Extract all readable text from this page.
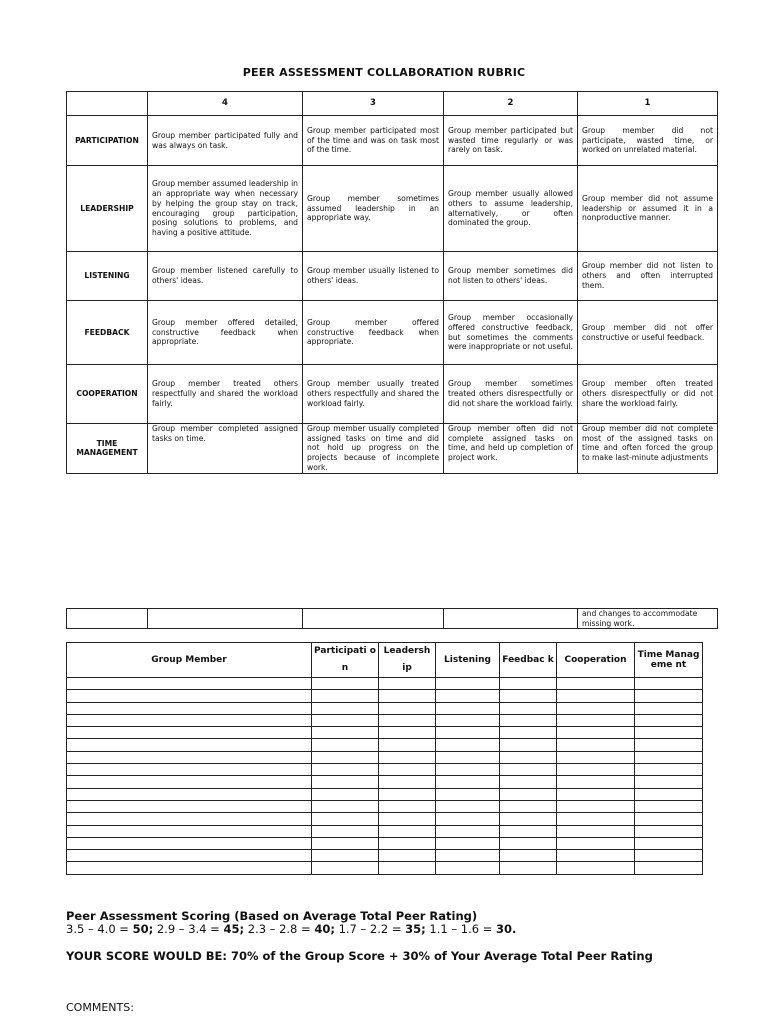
PEER ASSESSMENT COLLABORATION RUBRIC
	4	3	2	1
PARTICIPATION	Group member participated fully and was always on task.	Group member participated most of the time and was on task most of the time.	Group member participated but wasted time regularly or was rarely on task.	Group member did not participate, wasted time, or worked on unrelated material.
LEADERSHIP	Group member assumed leadership in an appropriate way when necessary by helping the group stay on track, encouraging group participation, posing solutions to problems, and having a positive attitude.	Group member sometimes assumed leadership in an appropriate way.	Group member usually allowed others to assume leadership, alternatively, or often dominated the group.	Group member did not assume leadership or assumed it in a nonproductive manner.
LISTENING	Group member listened carefully to others' ideas.	Group member usually listened to others' ideas.	Group member sometimes did not listen to others' ideas.	Group member did not listen to others and often interrupted them.
FEEDBACK	Group member offered detailed, constructive feedback when appropriate.	Group member offered constructive feedback when appropriate.	Group member occasionally offered constructive feedback, but sometimes the comments were inappropriate or not useful.	Group member did not offer constructive or useful feedback.
COOPERATION	Group member treated others respectfully and shared the workload fairly.	Group member usually treated others respectfully and shared the workload fairly.	Group member sometimes treated others disrespectfully or did not share the workload fairly.	Group member often treated others disrespectfully or did not share the workload fairly.
TIME MANAGEMENT	Group member completed assigned tasks on time.	Group member usually completed assigned tasks on time and did not hold up progress on the projects because of incomplete work.	Group member often did not complete assigned tasks on time, and held up completion of project work.	Group member did not complete most of the assigned tasks on time and often forced the group to make last-minute adjustments
				and changes to accommodate missing work.
Group Member	Participati on	Leadersh ip	Listening	Feedbac k	Cooperation	Time Manageme nt

Peer Assessment Scoring (Based on Average Total Peer Rating)
3.5 – 4.0 = 50; 2.9 – 3.4 = 45; 2.3 – 2.8 = 40; 1.7 – 2.2 = 35; 1.1 – 1.6 = 30.
YOUR SCORE WOULD BE: 70% of the Group Score + 30% of Your Average Total Peer Rating
COMMENTS:
